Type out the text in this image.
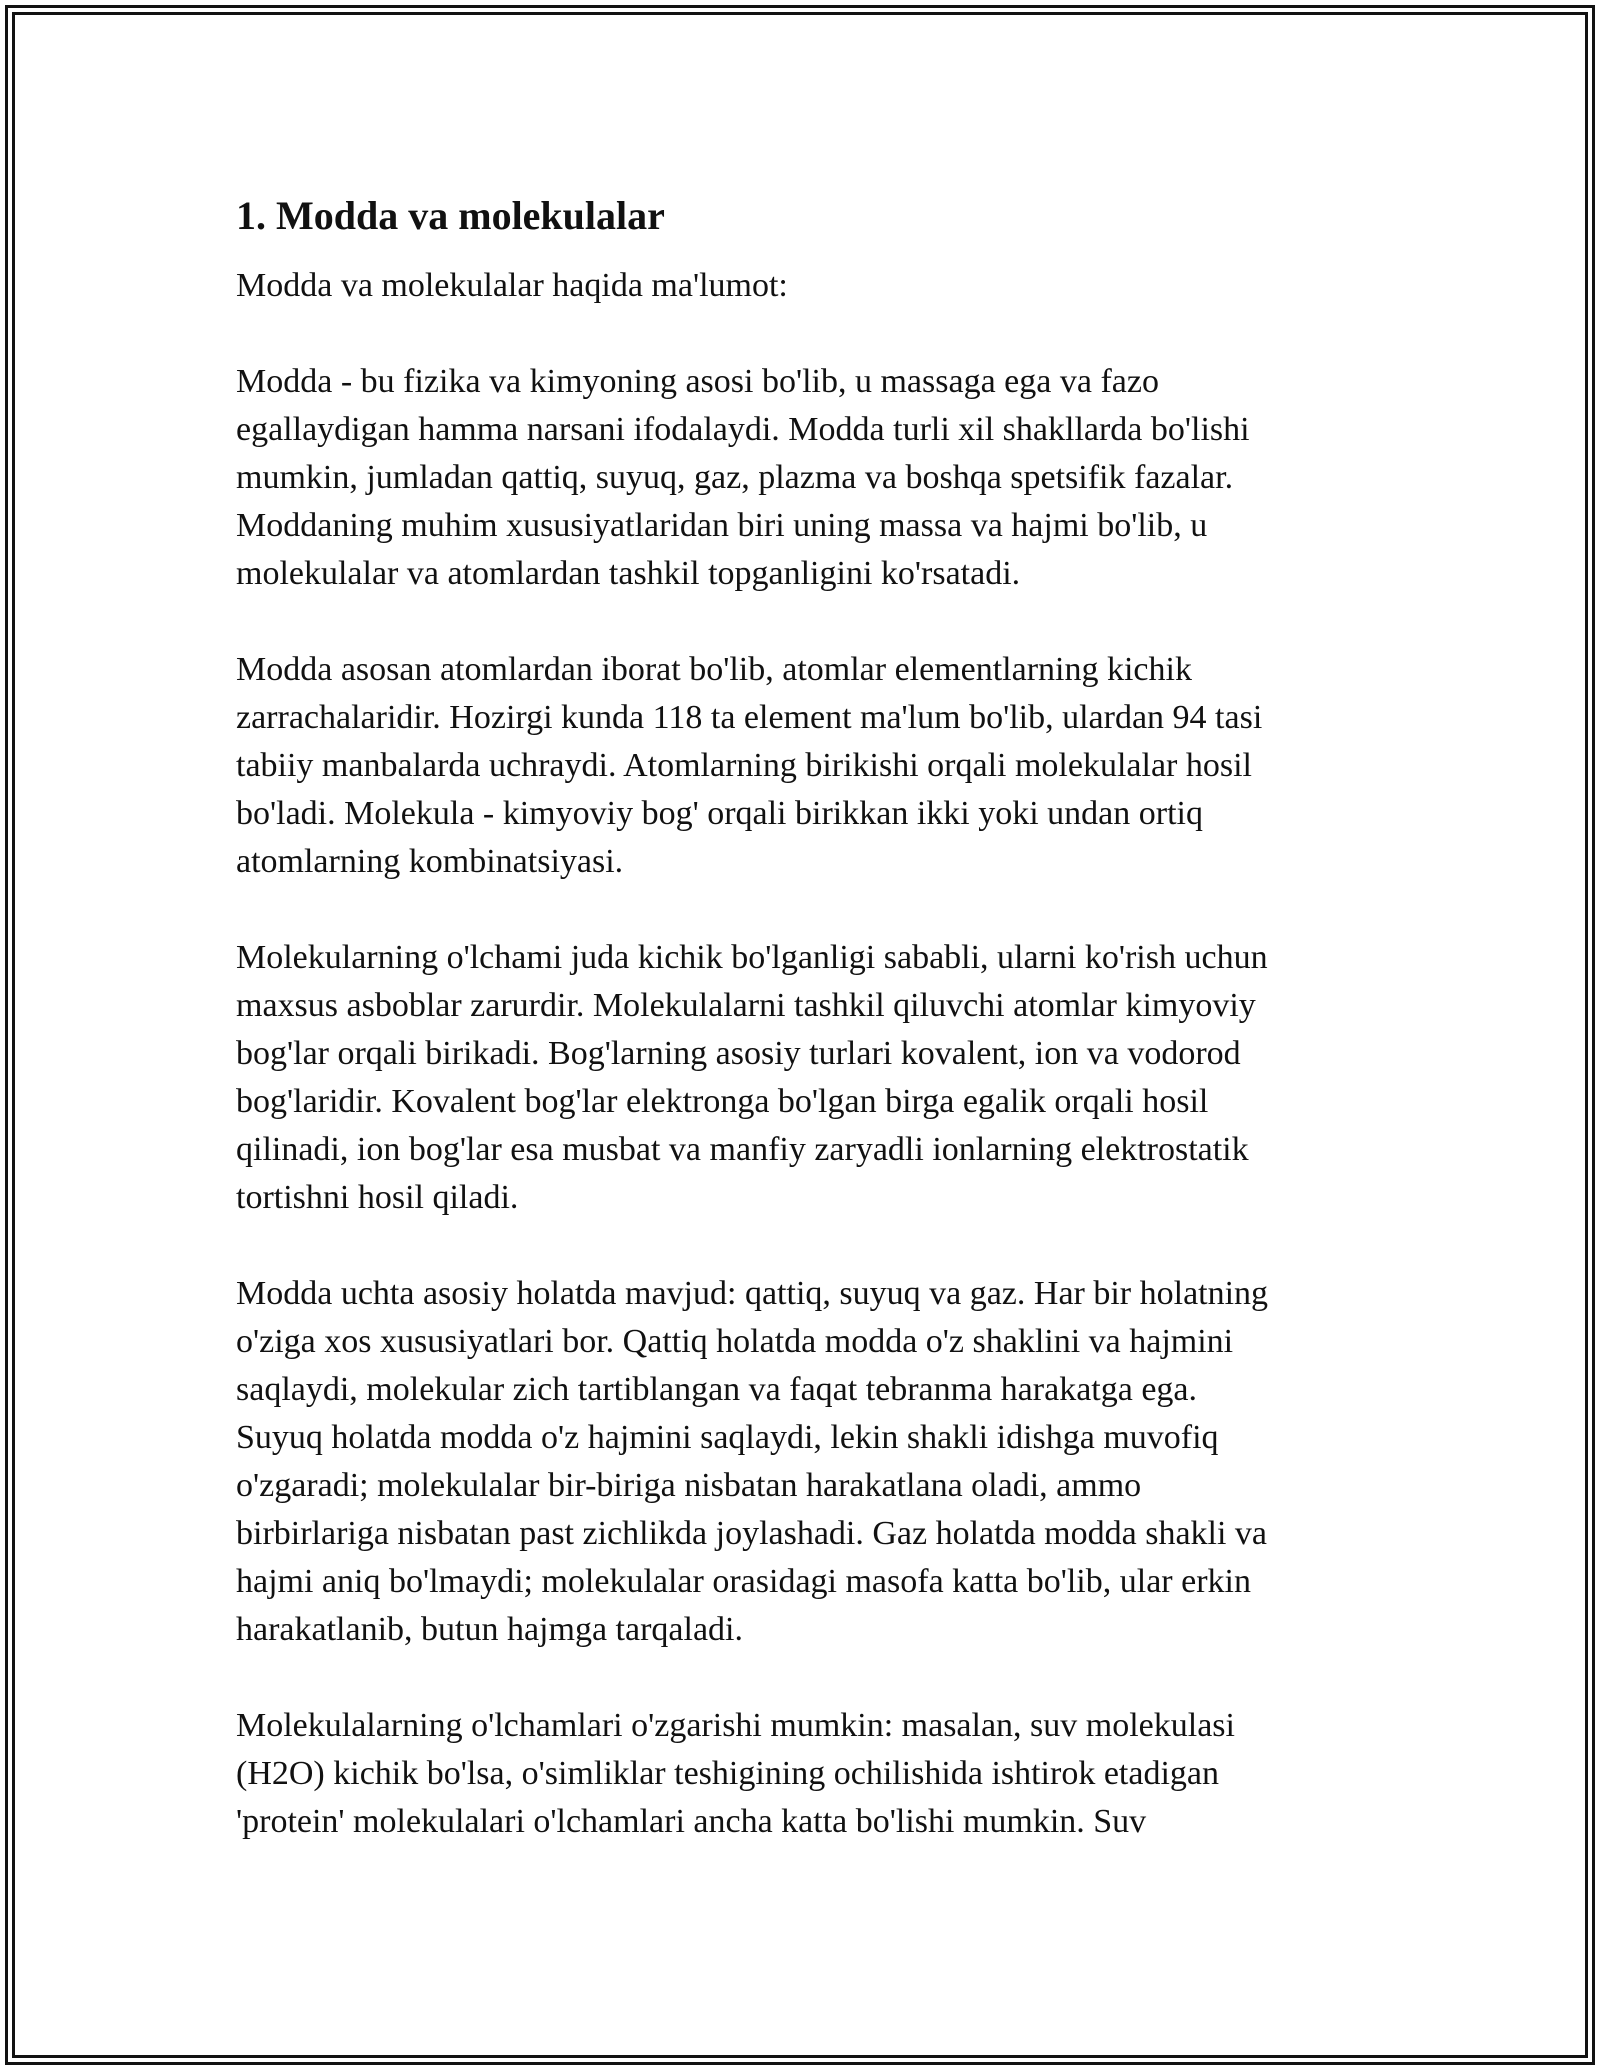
1. Modda va molekulalar

Modda va molekulalar haqida ma'lumot:

Modda - bu fizika va kimyoning asosi bo'lib, u massaga ega va fazo
egallaydigan hamma narsani ifodalaydi. Modda turli xil shakllarda bo'lishi
mumkin, jumladan qattiq, suyuq, gaz, plazma va boshqa spetsifik fazalar.
Moddaning muhim xususiyatlaridan biri uning massa va hajmi bo'lib, u
molekulalar va atomlardan tashkil topganligini ko'rsatadi.

Modda asosan atomlardan iborat bo'lib, atomlar elementlarning kichik
zarrachalaridir. Hozirgi kunda 118 ta element ma'lum bo'lib, ulardan 94 tasi
tabiiy manbalarda uchraydi. Atomlarning birikishi orqali molekulalar hosil
bo'ladi. Molekula - kimyoviy bog' orqali birikkan ikki yoki undan ortiq
atomlarning kombinatsiyasi.

Molekularning o'lchami juda kichik bo'lganligi sababli, ularni ko'rish uchun
maxsus asboblar zarurdir. Molekulalarni tashkil qiluvchi atomlar kimyoviy
bog'lar orqali birikadi. Bog'larning asosiy turlari kovalent, ion va vodorod
bog'laridir. Kovalent bog'lar elektronga bo'lgan birga egalik orqali hosil
qilinadi, ion bog'lar esa musbat va manfiy zaryadli ionlarning elektrostatik
tortishni hosil qiladi.

Modda uchta asosiy holatda mavjud: qattiq, suyuq va gaz. Har bir holatning
o'ziga xos xususiyatlari bor. Qattiq holatda modda o'z shaklini va hajmini
saqlaydi, molekular zich tartiblangan va faqat tebranma harakatga ega.
Suyuq holatda modda o'z hajmini saqlaydi, lekin shakli idishga muvofiq
o'zgaradi; molekulalar bir-biriga nisbatan harakatlana oladi, ammo
birbirlariga nisbatan past zichlikda joylashadi. Gaz holatda modda shakli va
hajmi aniq bo'lmaydi; molekulalar orasidagi masofa katta bo'lib, ular erkin
harakatlanib, butun hajmga tarqaladi.

Molekulalarning o'lchamlari o'zgarishi mumkin: masalan, suv molekulasi
(H2O) kichik bo'lsa, o'simliklar teshigining ochilishida ishtirok etadigan
'protein' molekulalari o'lchamlari ancha katta bo'lishi mumkin. Suv
